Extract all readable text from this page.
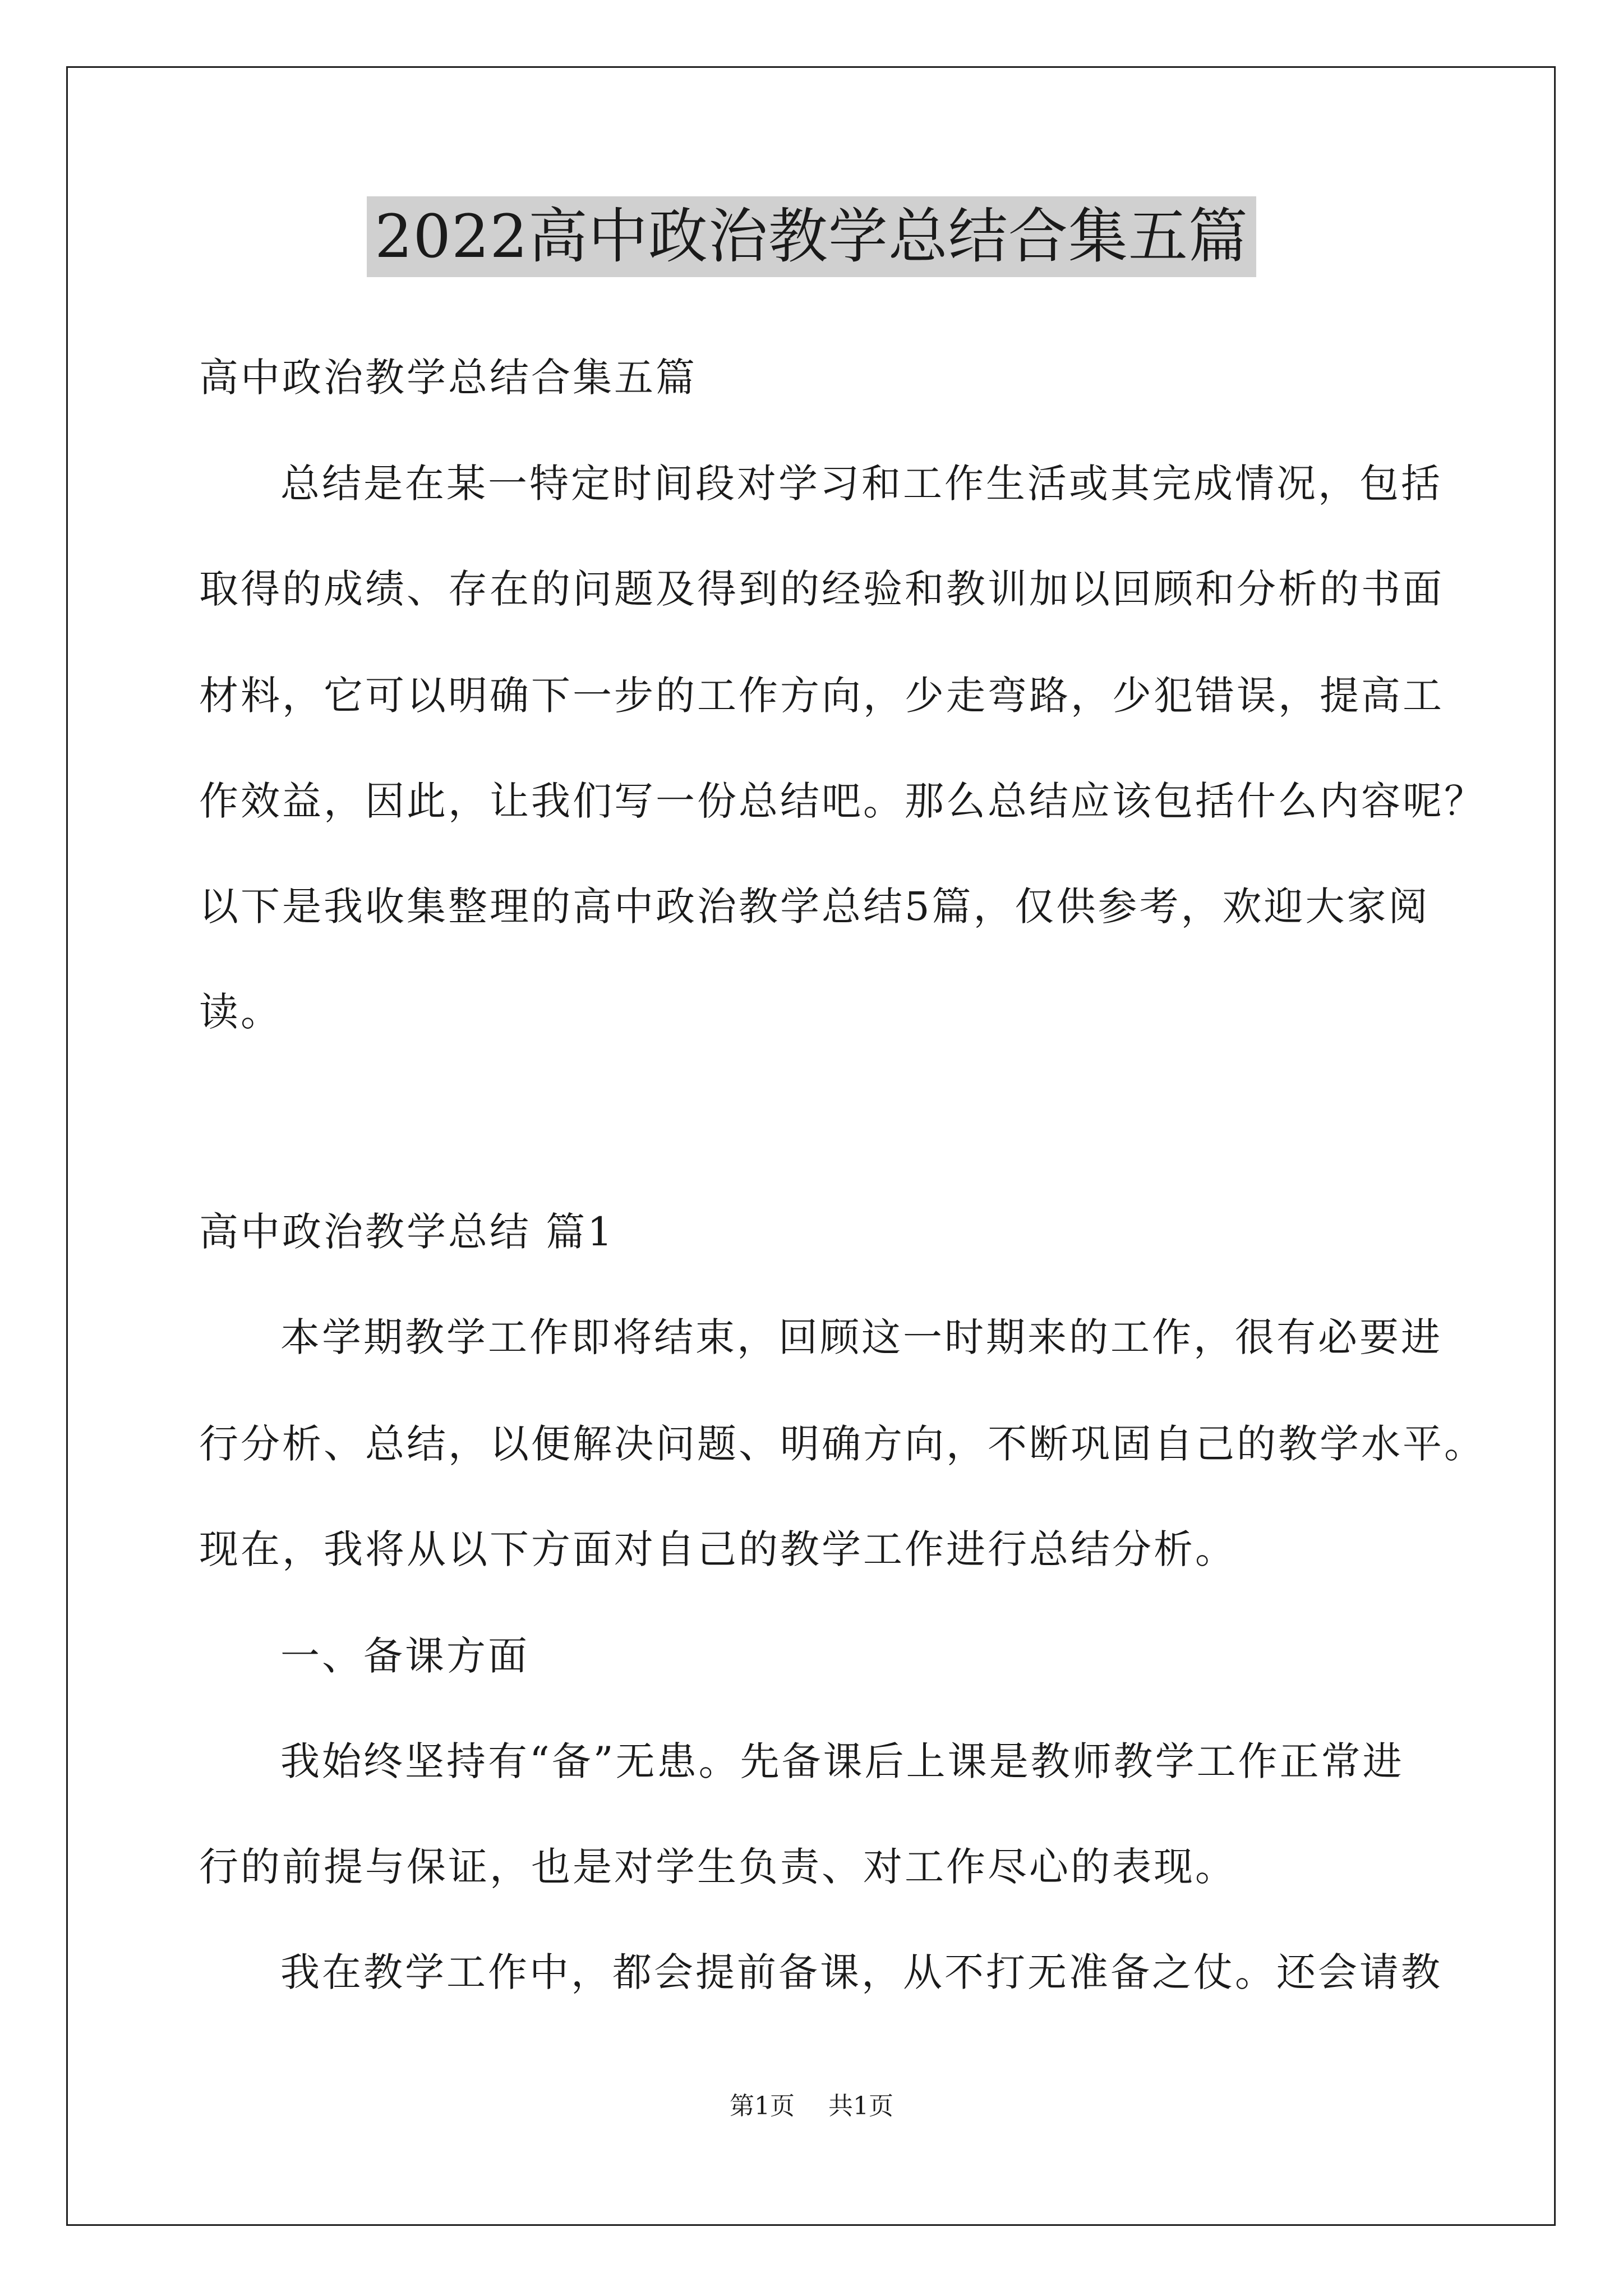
2022高中政治教学总结合集五篇
高中政治教学总结合集五篇
总结是在某一特定时间段对学习和工作生活或其完成情况，包括
取得的成绩、存在的问题及得到的经验和教训加以回顾和分析的书面
材料，它可以明确下一步的工作方向，少走弯路，少犯错误，提高工
作效益，因此，让我们写一份总结吧。那么总结应该包括什么内容呢？
以下是我收集整理的高中政治教学总结5篇，仅供参考，欢迎大家阅
读。
高中政治教学总结 篇1
本学期教学工作即将结束，回顾这一时期来的工作，很有必要进
行分析、总结，以便解决问题、明确方向，不断巩固自己的教学水平。
现在，我将从以下方面对自己的教学工作进行总结分析。
一、备课方面
我始终坚持有“备”无患。先备课后上课是教师教学工作正常进
行的前提与保证，也是对学生负责、对工作尽心的表现。
我在教学工作中，都会提前备课，从不打无准备之仗。还会请教
第1页 共1页
